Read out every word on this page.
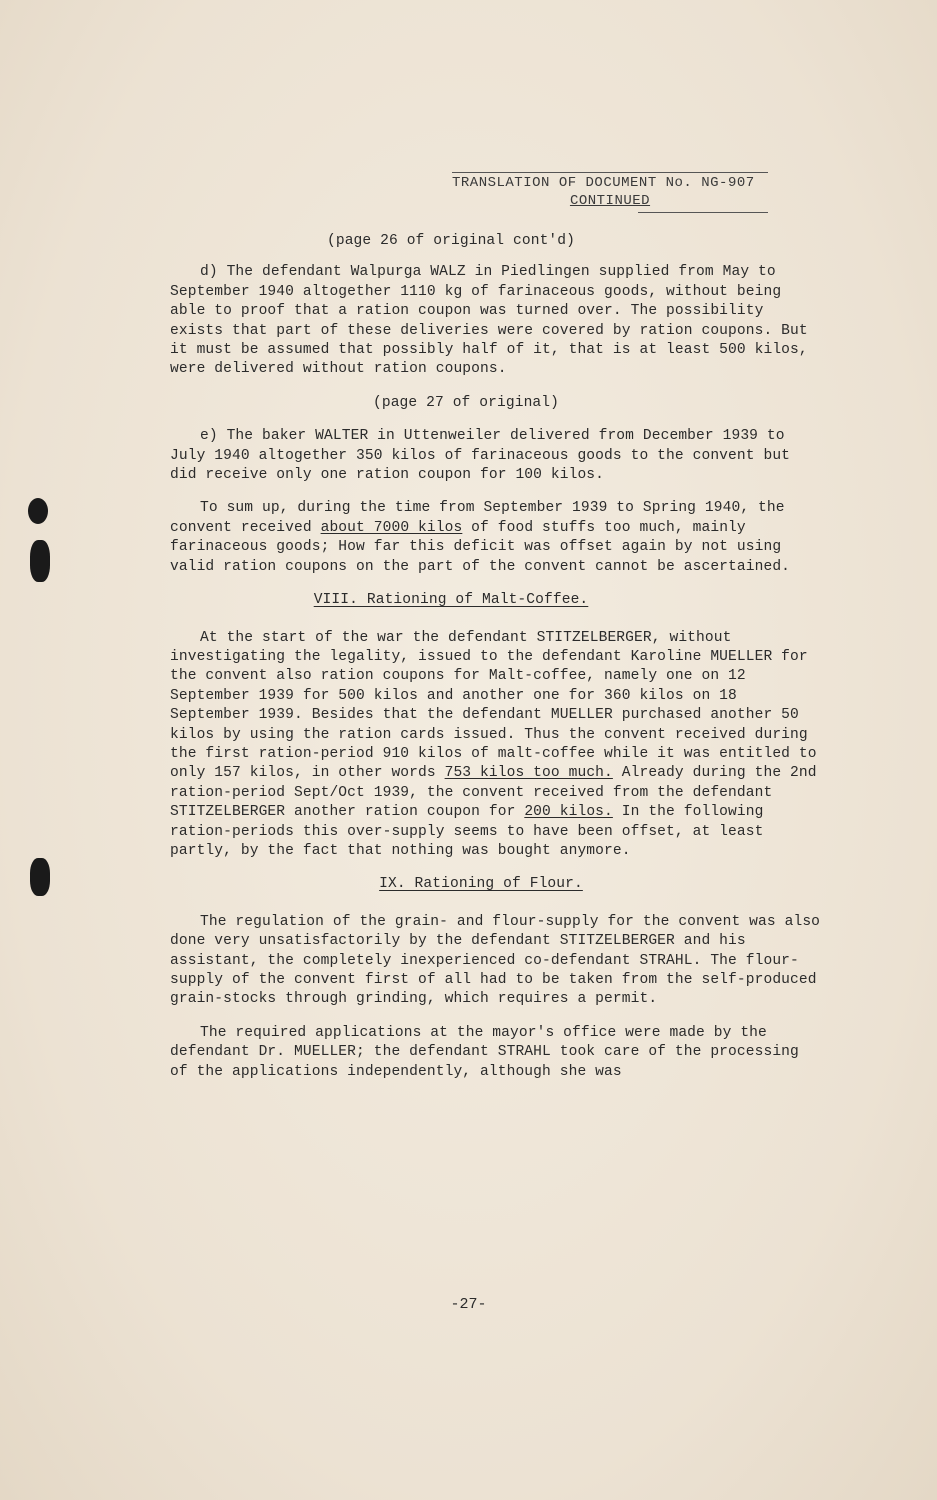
TRANSLATION OF DOCUMENT No. NG-907
CONTINUED
(page 26 of original cont'd)

d) The defendant Walpurga WALZ in Piedlingen supplied from May to September 1940 altogether 1110 kg of farinaceous goods, without being able to proof that a ration coupon was turned over. The possibility exists that part of these deliveries were covered by ration coupons. But it must be assumed that possibly half of it, that is at least 500 kilos, were delivered without ration coupons.

(page 27 of original)

e) The baker WALTER in Uttenweiler delivered from December 1939 to July 1940 altogether 350 kilos of farinaceous goods to the convent but did receive only one ration coupon for 100 kilos.

To sum up, during the time from September 1939 to Spring 1940, the convent received about 7000 kilos of food stuffs too much, mainly farinaceous goods; How far this deficit was offset again by not using valid ration coupons on the part of the convent cannot be ascertained.

VIII. Rationing of Malt-Coffee.

At the start of the war the defendant STITZELBERGER, without investigating the legality, issued to the defendant Karoline MUELLER for the convent also ration coupons for Malt-coffee, namely one on 12 September 1939 for 500 kilos and another one for 360 kilos on 18 September 1939. Besides that the defendant MUELLER purchased another 50 kilos by using the ration cards issued. Thus the convent received during the first ration-period 910 kilos of malt-coffee while it was entitled to only 157 kilos, in other words 753 kilos too much. Already during the 2nd ration-period Sept/Oct 1939, the convent received from the defendant STITZELBERGER another ration coupon for 200 kilos. In the following ration-periods this over-supply seems to have been offset, at least partly, by the fact that nothing was bought anymore.

IX. Rationing of Flour.

The regulation of the grain- and flour-supply for the convent was also done very unsatisfactorily by the defendant STITZELBERGER and his assistant, the completely inexperienced co-defendant STRAHL. The flour-supply of the convent first of all had to be taken from the self-produced grain-stocks through grinding, which requires a permit.

The required applications at the mayor's office were made by the defendant Dr. MUELLER; the defendant STRAHL took care of the processing of the applications independently, although she was

-27-
